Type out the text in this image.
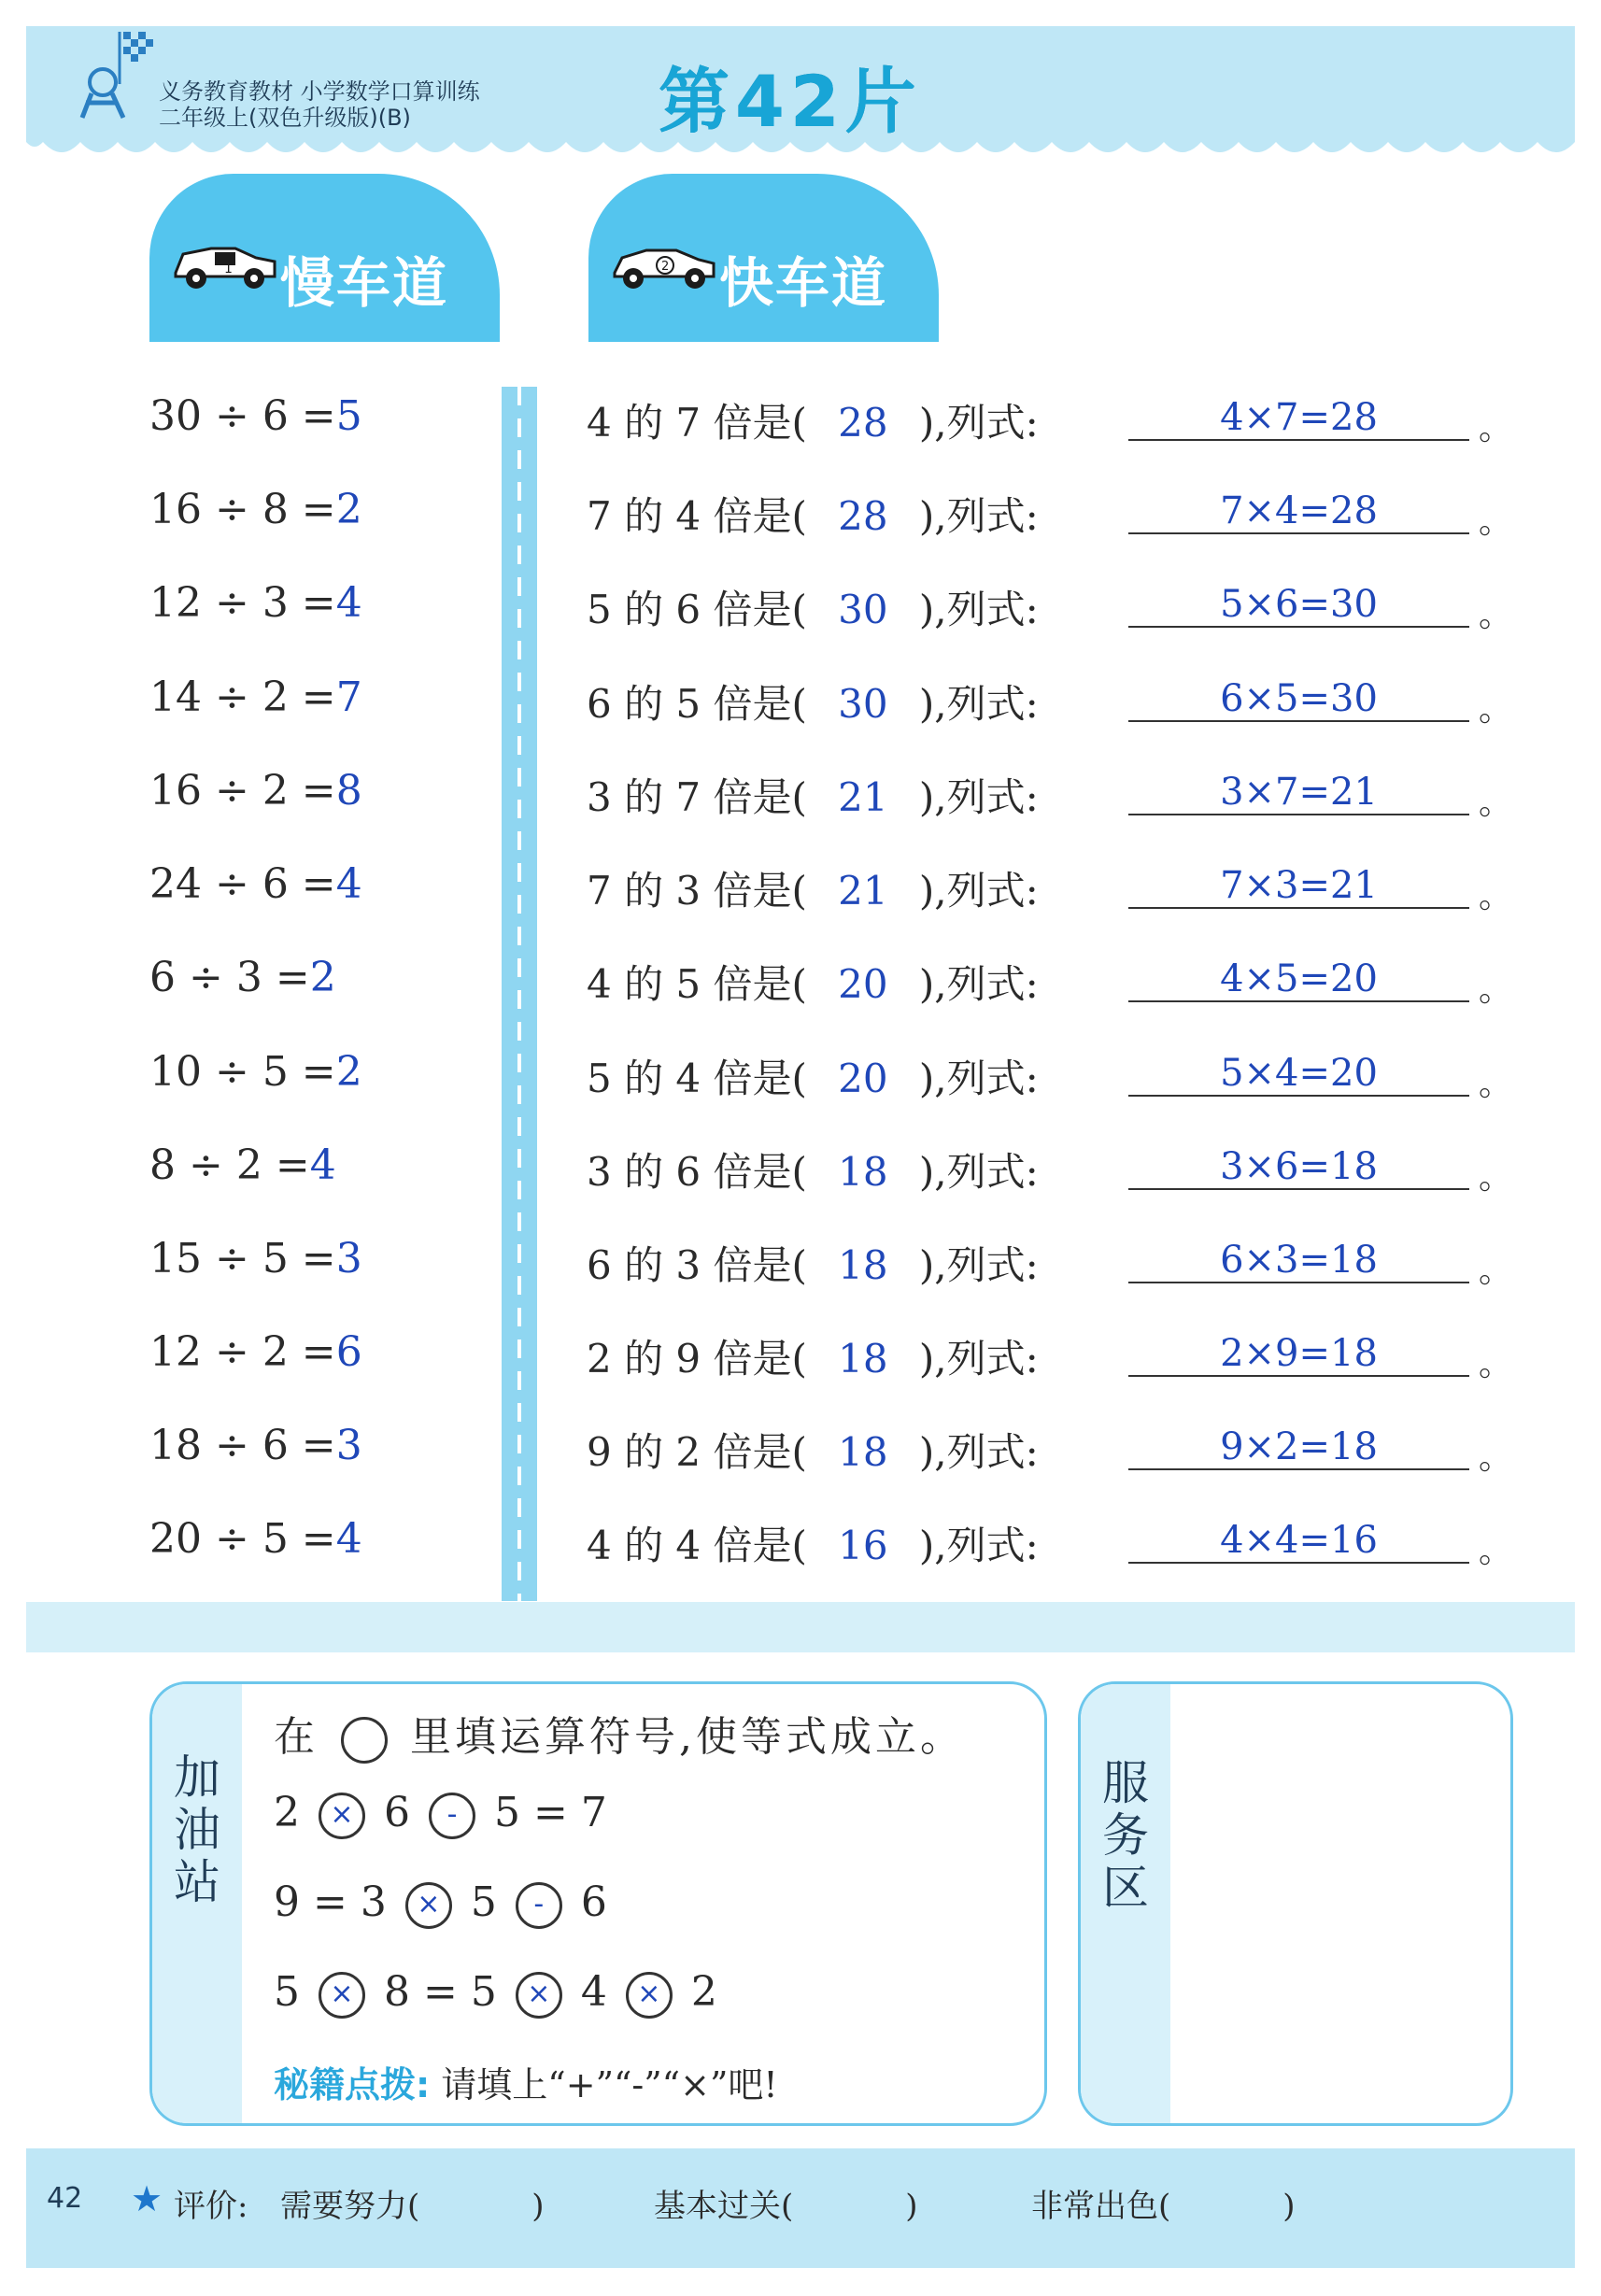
义务教育教材 小学数学口算训练
二年级上(双色升级版)(B)	第42片
1 慢车道	2 快车道
30 ÷ 6 =5
16 ÷ 8 =2
12 ÷ 3 =4
14 ÷ 2 =7
16 ÷ 2 =8
24 ÷ 6 =4
6 ÷ 3 =2
10 ÷ 5 =2
8 ÷ 2 =4
15 ÷ 5 =3
12 ÷ 2 =6
18 ÷ 6 =3
20 ÷ 5 =4
4 的 7 倍是( 28 ),列式:	4×7=28	。
7 的 4 倍是( 28 ),列式:	7×4=28	。
5 的 6 倍是( 30 ),列式:	5×6=30	。
6 的 5 倍是( 30 ),列式:	6×5=30	。
3 的 7 倍是( 21 ),列式:	3×7=21	。
7 的 3 倍是( 21 ),列式:	7×3=21	。
4 的 5 倍是( 20 ),列式:	4×5=20	。
5 的 4 倍是( 20 ),列式:	5×4=20	。
3 的 6 倍是( 18 ),列式:	3×6=18	。
6 的 3 倍是( 18 ),列式:	6×3=18	。
2 的 9 倍是( 18 ),列式:	2×9=18	。
9 的 2 倍是( 18 ),列式:	9×2=18	。
4 的 4 倍是( 16 ),列式:	4×4=16	。
加油站
在 里填运算符号,使等式成立。
2 × 6 - 5 = 7
9 = 3 × 5 - 6
5 × 8 = 5 × 4 × 2
秘籍点拨: 请填上“+”“-”“×”吧!
服务区
42 ★ 评价: 需要努力(	)	基本过关(	)	非常出色(	)
